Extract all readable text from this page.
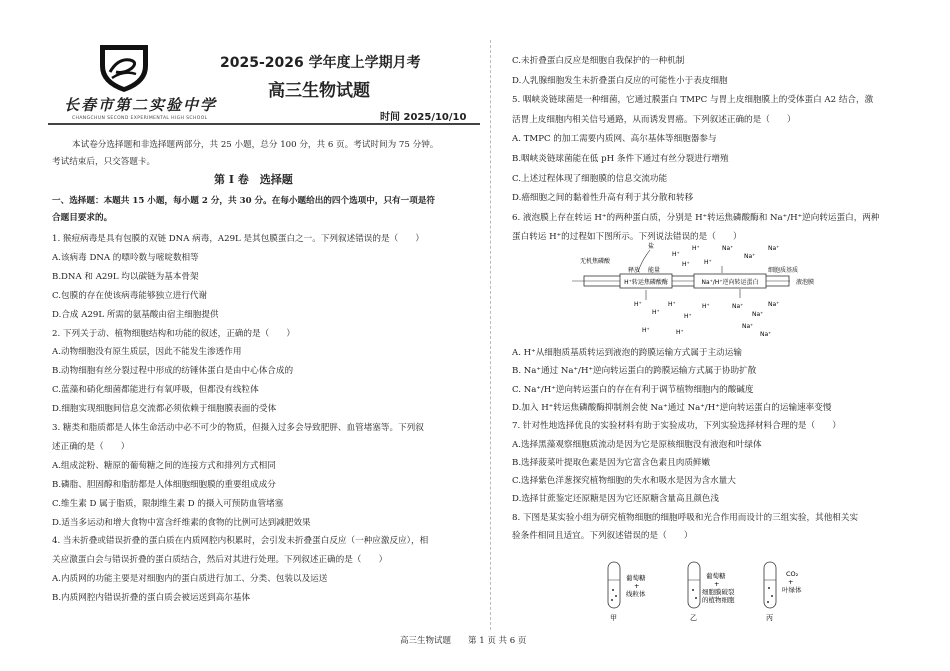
长春市第二实验中学
CHANGCHUN SECOND EXPERIMENTAL HIGH SCHOOL
2025-2026 学年度上学期月考
高三生物试题
时间 2025/10/10
本试卷分选择题和非选择题两部分，共 25 小题，总分 100 分，共 6 页。考试时间为 75 分钟。
考试结束后，只交答题卡。
第 Ⅰ 卷　选择题
一、选择题：本题共 15 小题，每小题 2 分，共 30 分。在每小题给出的四个选项中，只有一项是符
合题目要求的。
1. 猴痘病毒是具有包膜的双链 DNA 病毒，A29L 是其包膜蛋白之一。下列叙述错误的是（　　）
A.该病毒 DNA 的嘌呤数与嘧啶数相等
B.DNA 和 A29L 均以碳链为基本骨架
C.包膜的存在使该病毒能够独立进行代谢
D.合成 A29L 所需的氨基酸由宿主细胞提供
2. 下列关于动、植物细胞结构和功能的叙述，正确的是（　　）
A.动物细胞没有原生质层，因此不能发生渗透作用
B.动物细胞有丝分裂过程中形成的纺锤体蛋白是由中心体合成的
C.蓝藻和硝化细菌都能进行有氧呼吸，但都没有线粒体
D.细胞实现细胞间信息交流都必须依赖于细胞膜表面的受体
3. 糖类和脂质都是人体生命活动中必不可少的物质，但摄入过多会导致肥胖、血管堵塞等。下列叙
述正确的是（　　）
A.组成淀粉、糖原的葡萄糖之间的连接方式和排列方式相同
B.磷脂、胆固醇和脂肪都是人体细胞细胞膜的重要组成成分
C.维生素 D 属于脂质，限制维生素 D 的摄入可预防血管堵塞
D.适当多运动和增大食物中富含纤维素的食物的比例可达到减肥效果
4. 当未折叠或错误折叠的蛋白质在内质网腔内积累时，会引发未折叠蛋白反应（一种应激反应），相
关应激蛋白会与错误折叠的蛋白质结合，然后对其进行处理。下列叙述正确的是（　　）
A.内质网的功能主要是对细胞内的蛋白质进行加工、分类、包装以及运送
B.内质网腔内错误折叠的蛋白质会被运送到高尔基体
C.未折叠蛋白反应是细胞自我保护的一种机制
D.人乳腺细胞发生未折叠蛋白反应的可能性小于表皮细胞
5. 咽峡炎链球菌是一种细菌，它通过膜蛋白 TMPC 与胃上皮细胞膜上的受体蛋白 A2 结合，激
活胃上皮细胞内相关信号通路，从而诱发胃癌。下列叙述正确的是（　　）
A. TMPC 的加工需要内质网、高尔基体等细胞器参与
B.咽峡炎链球菌能在低 pH 条件下通过有丝分裂进行增殖
C.上述过程体现了细胞膜的信息交流功能
D.癌细胞之间的黏着性升高有利于其分散和转移
6. 液泡膜上存在转运 H⁺的两种蛋白质，分别是 H⁺转运焦磷酸酶和 Na⁺/H⁺逆向转运蛋白，两种
蛋白转运 H⁺的过程如下图所示。下列说法错误的是（　　）
H⁺转运焦磷酸酶	Na⁺/H⁺逆向转运蛋白
无机焦磷酸
盐
释放 能量	细胞质基质
液泡膜
H⁺
H⁺
H⁺ H⁺
H⁺
H⁺
H⁺
H⁺
H⁺
H⁺	H⁺
Na⁺
Na⁺
Na⁺
Na⁺
Na⁺
Na⁺
Na⁺
Na⁺
A. H⁺从细胞质基质转运到液泡的跨膜运输方式属于主动运输
B. Na⁺通过 Na⁺/H⁺逆向转运蛋白的跨膜运输方式属于协助扩散
C. Na⁺/H⁺逆向转运蛋白的存在有利于调节植物细胞内的酸碱度
D.加入 H⁺转运焦磷酸酶抑制剂会使 Na⁺通过 Na⁺/H⁺逆向转运蛋白的运输速率变慢
7. 针对性地选择优良的实验材料有助于实验成功，下列实验选择材料合理的是（　　）
A.选择黑藻观察细胞质流动是因为它是原核细胞没有液泡和叶绿体
B.选择菠菜叶提取色素是因为它富含色素且肉质鲜嫩
C.选择紫色洋葱探究植物细胞的失水和吸水是因为含水量大
D.选择甘蔗鉴定还原糖是因为它还原糖含量高且颜色浅
8. 下图是某实验小组为研究植物细胞的细胞呼吸和光合作用而设计的三组实验，其他相关实
验条件相同且适宜。下列叙述错误的是（　　）
葡萄糖
+
线粒体
甲
葡萄糖
+
细胞膜破裂
的植物细胞
乙
CO₂
+
叶绿体
丙
高三生物试题　　第 1 页 共 6 页
